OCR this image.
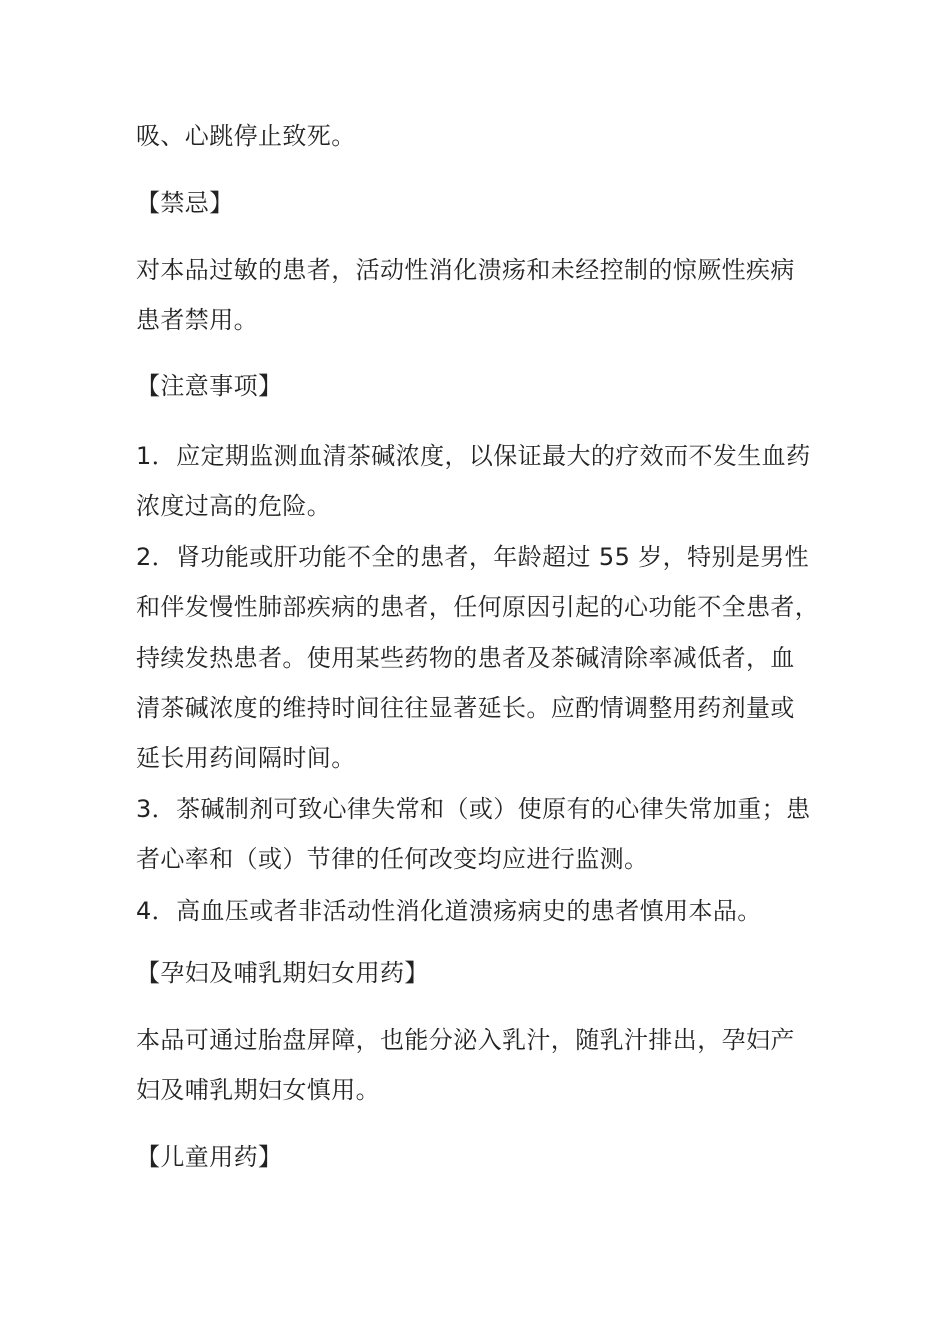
吸、心跳停止致死。
【禁忌】
对本品过敏的患者，活动性消化溃疡和未经控制的惊厥性疾病
患者禁用。
【注意事项】
1．应定期监测血清茶碱浓度，以保证最大的疗效而不发生血药
浓度过高的危险。
2．肾功能或肝功能不全的患者，年龄超过 55 岁，特别是男性
和伴发慢性肺部疾病的患者，任何原因引起的心功能不全患者，
持续发热患者。使用某些药物的患者及茶碱清除率减低者，血
清茶碱浓度的维持时间往往显著延长。应酌情调整用药剂量或
延长用药间隔时间。
3．茶碱制剂可致心律失常和（或）使原有的心律失常加重；患
者心率和（或）节律的任何改变均应进行监测。
4．高血压或者非活动性消化道溃疡病史的患者慎用本品。
【孕妇及哺乳期妇女用药】
本品可通过胎盘屏障，也能分泌入乳汁，随乳汁排出，孕妇产
妇及哺乳期妇女慎用。
【儿童用药】
